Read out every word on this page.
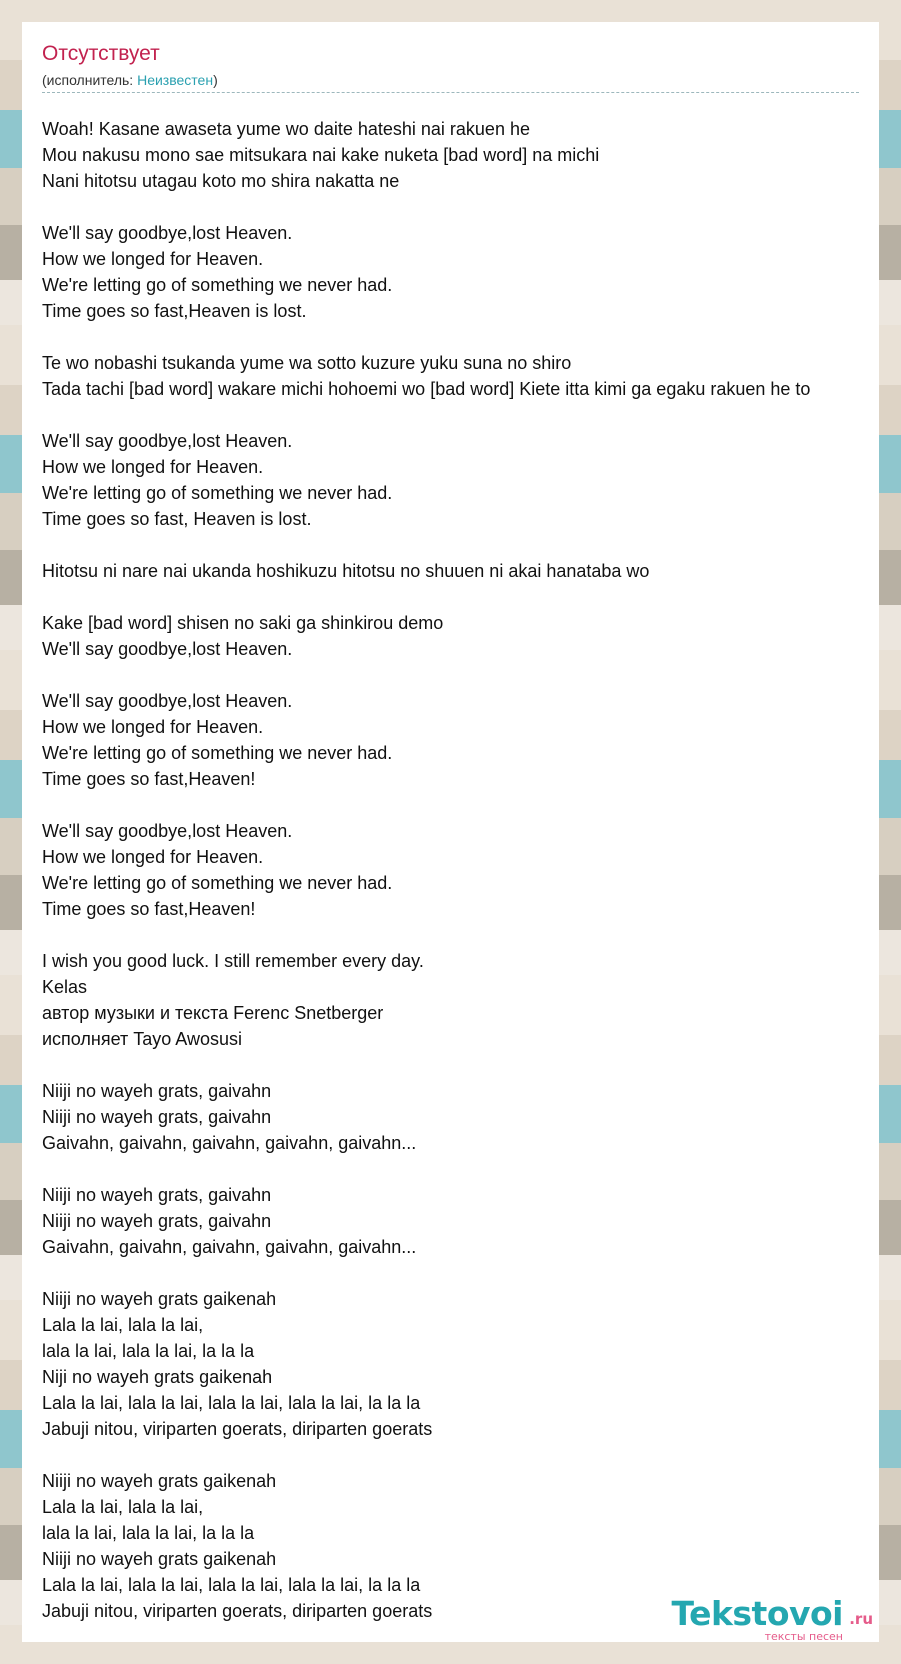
Отсутствует
(исполнитель: Неизвестен)
Woah! Kasane awaseta yume wo daite hateshi nai rakuen he
Mou nakusu mono sae mitsukara nai kake nuketa [bad word] na michi
Nani hitotsu utagau koto mo shira nakatta ne
We'll say goodbye,lost Heaven.
How we longed for Heaven.
We're letting go of something we never had.
Time goes so fast,Heaven is lost.
Te wo nobashi tsukanda yume wa sotto kuzure yuku suna no shiro
Tada tachi [bad word] wakare michi hohoemi wo [bad word] Kiete itta kimi ga egaku rakuen he to
We'll say goodbye,lost Heaven.
How we longed for Heaven.
We're letting go of something we never had.
Time goes so fast, Heaven is lost.
Hitotsu ni nare nai ukanda hoshikuzu hitotsu no shuuen ni akai hanataba wo
Kake [bad word] shisen no saki ga shinkirou demo
We'll say goodbye,lost Heaven.
We'll say goodbye,lost Heaven.
How we longed for Heaven.
We're letting go of something we never had.
Time goes so fast,Heaven!
We'll say goodbye,lost Heaven.
How we longed for Heaven.
We're letting go of something we never had.
Time goes so fast,Heaven!
I wish you good luck. I still remember every day.
Kelas
автор музыки и текста Ferenc Snetberger
исполняет Tayo Awosusi
Niiji no wayeh grats, gaivahn
Niiji no wayeh grats, gaivahn
Gaivahn, gaivahn, gaivahn, gaivahn, gaivahn...
Niiji no wayeh grats, gaivahn
Niiji no wayeh grats, gaivahn
Gaivahn, gaivahn, gaivahn, gaivahn, gaivahn...
Niiji no wayeh grats gaikenah
Lala la lai, lala la lai,
lala la lai, lala la lai, la la la
Niji no wayeh grats gaikenah
Lala la lai, lala la lai, lala la lai, lala la lai, la la la
Jabuji nitou, viriparten goerats, diriparten goerats
Niiji no wayeh grats gaikenah
Lala la lai, lala la lai,
lala la lai, lala la lai, la la la
Niiji no wayeh grats gaikenah
Lala la lai, lala la lai, lala la lai, lala la lai, la la la
Jabuji nitou, viriparten goerats, diriparten goerats	Tekstovoi .ru
тексты песен
